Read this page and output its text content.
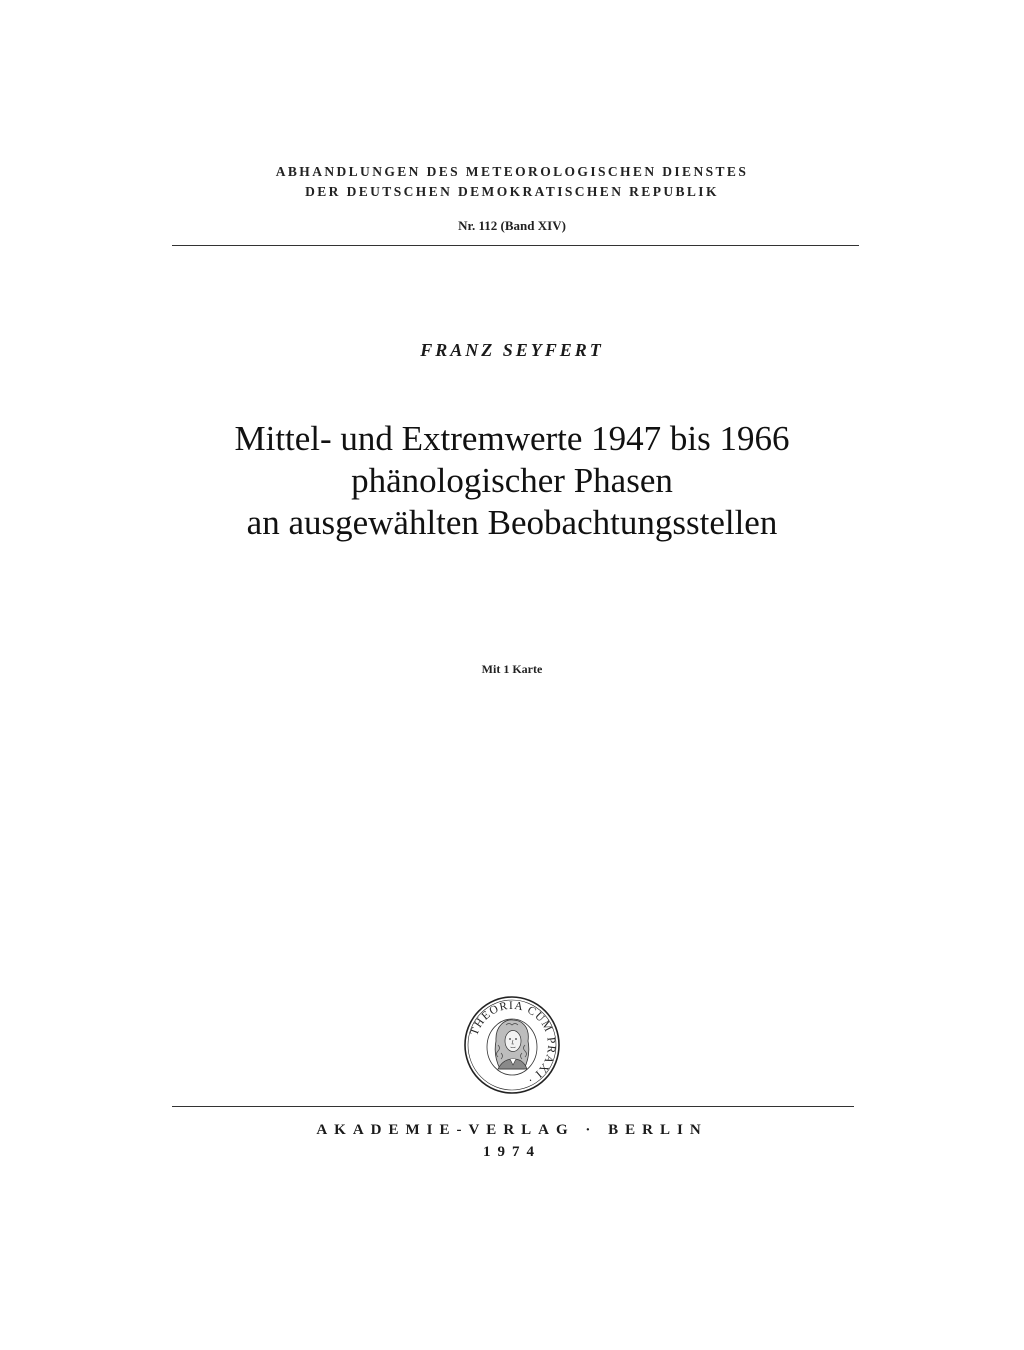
ABHANDLUNGEN DES METEOROLOGISCHEN DIENSTES
DER DEUTSCHEN DEMOKRATISCHEN REPUBLIK
Nr. 112 (Band XIV)
FRANZ SEYFERT
Mittel- und Extremwerte 1947 bis 1966
phänologischer Phasen
an ausgewählten Beobachtungsstellen
Mit 1 Karte
THEORIA CUM PRAXI ·
AKADEMIE-VERLAG · BERLIN
1974
